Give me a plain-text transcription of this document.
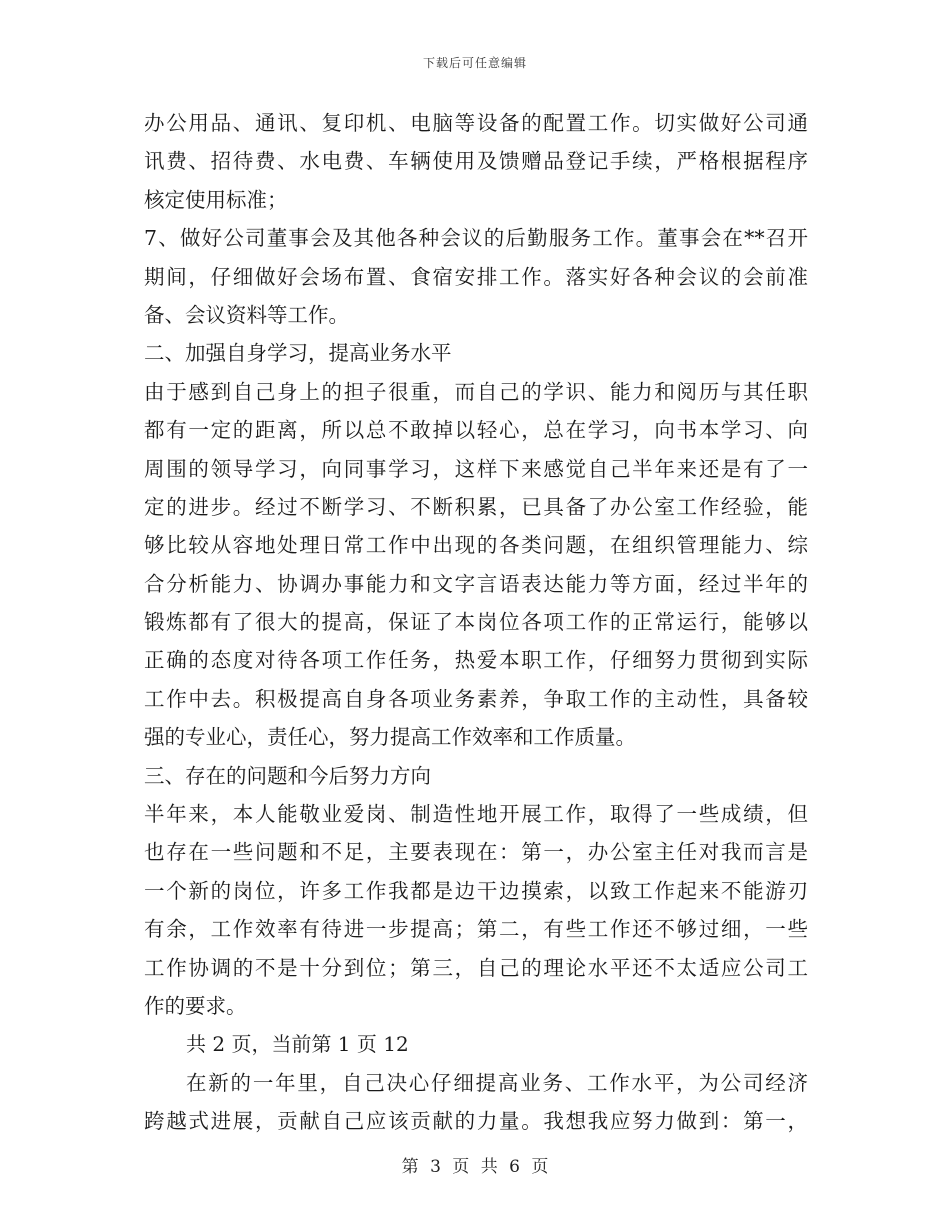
下载后可任意编辑
办公用品、通讯、复印机、电脑等设备的配置工作。切实做好公司通
讯费、招待费、水电费、车辆使用及馈赠品登记手续，严格根据程序
核定使用标准；
7、做好公司董事会及其他各种会议的后勤服务工作。董事会在**召开
期间，仔细做好会场布置、食宿安排工作。落实好各种会议的会前准
备、会议资料等工作。
二、加强自身学习，提高业务水平
由于感到自己身上的担子很重，而自己的学识、能力和阅历与其任职
都有一定的距离，所以总不敢掉以轻心，总在学习，向书本学习、向
周围的领导学习，向同事学习，这样下来感觉自己半年来还是有了一
定的进步。经过不断学习、不断积累，已具备了办公室工作经验，能
够比较从容地处理日常工作中出现的各类问题，在组织管理能力、综
合分析能力、协调办事能力和文字言语表达能力等方面，经过半年的
锻炼都有了很大的提高，保证了本岗位各项工作的正常运行，能够以
正确的态度对待各项工作任务，热爱本职工作，仔细努力贯彻到实际
工作中去。积极提高自身各项业务素养，争取工作的主动性，具备较
强的专业心，责任心，努力提高工作效率和工作质量。
三、存在的问题和今后努力方向
半年来，本人能敬业爱岗、制造性地开展工作，取得了一些成绩，但
也存在一些问题和不足，主要表现在：第一，办公室主任对我而言是
一个新的岗位，许多工作我都是边干边摸索，以致工作起来不能游刃
有余，工作效率有待进一步提高；第二，有些工作还不够过细，一些
工作协调的不是十分到位；第三，自己的理论水平还不太适应公司工
作的要求。
共 2 页，当前第 1 页 12
在新的一年里，自己决心仔细提高业务、工作水平，为公司经济
跨越式进展，贡献自己应该贡献的力量。我想我应努力做到：第一，
第 3 页 共 6 页
